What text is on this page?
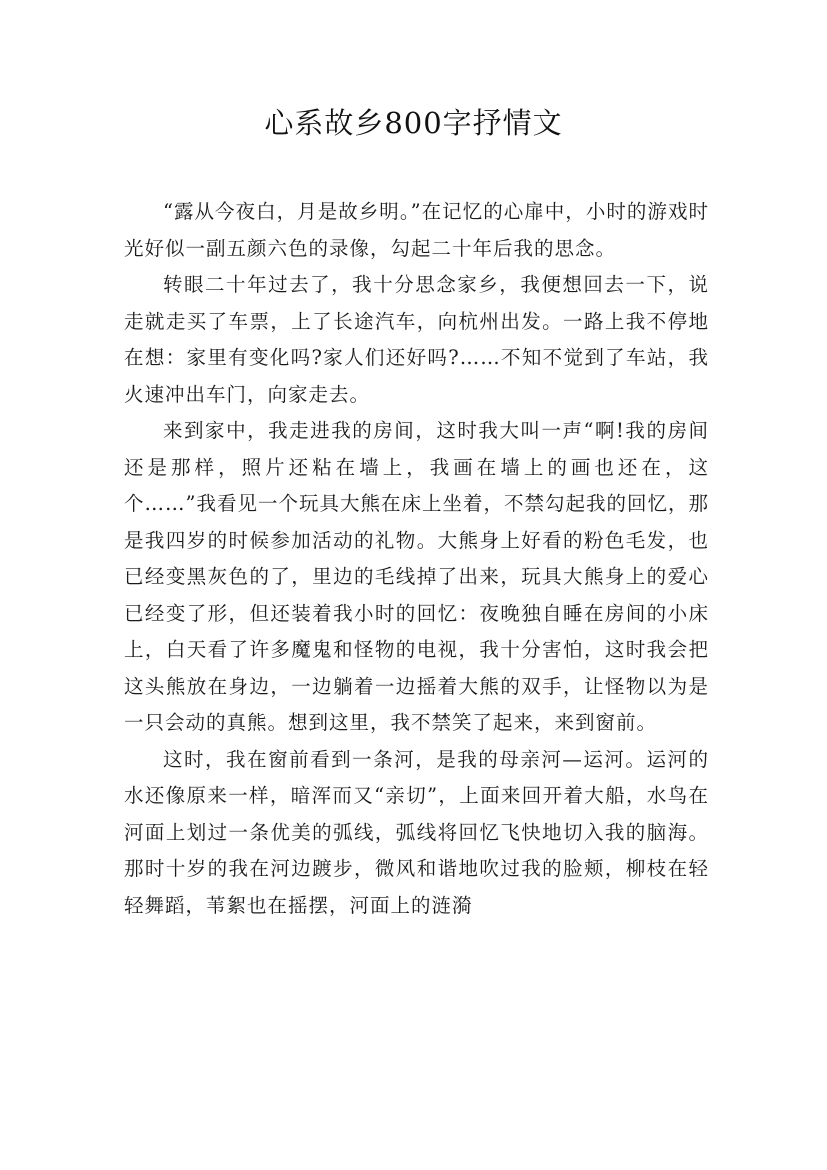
心系故乡800字抒情文

“露从今夜白，月是故乡明。”在记忆的心扉中，小时的游戏时光好似一副五颜六色的录像，勾起二十年后我的思念。

转眼二十年过去了，我十分思念家乡，我便想回去一下，说走就走买了车票，上了长途汽车，向杭州出发。一路上我不停地在想：家里有变化吗?家人们还好吗?……不知不觉到了车站，我火速冲出车门，向家走去。

来到家中，我走进我的房间，这时我大叫一声“啊!我的房间还是那样，照片还粘在墙上，我画在墙上的画也还在，这个……”我看见一个玩具大熊在床上坐着，不禁勾起我的回忆，那是我四岁的时候参加活动的礼物。大熊身上好看的粉色毛发，也已经变黑灰色的了，里边的毛线掉了出来，玩具大熊身上的爱心已经变了形，但还装着我小时的回忆：夜晚独自睡在房间的小床上，白天看了许多魔鬼和怪物的电视，我十分害怕，这时我会把这头熊放在身边，一边躺着一边摇着大熊的双手，让怪物以为是一只会动的真熊。想到这里，我不禁笑了起来，来到窗前。

这时，我在窗前看到一条河，是我的母亲河—运河。运河的水还像原来一样，暗浑而又“亲切”，上面来回开着大船，水鸟在河面上划过一条优美的弧线，弧线将回忆飞快地切入我的脑海。那时十岁的我在河边踱步，微风和谐地吹过我的脸颊，柳枝在轻轻舞蹈，苇絮也在摇摆，河面上的涟漪
